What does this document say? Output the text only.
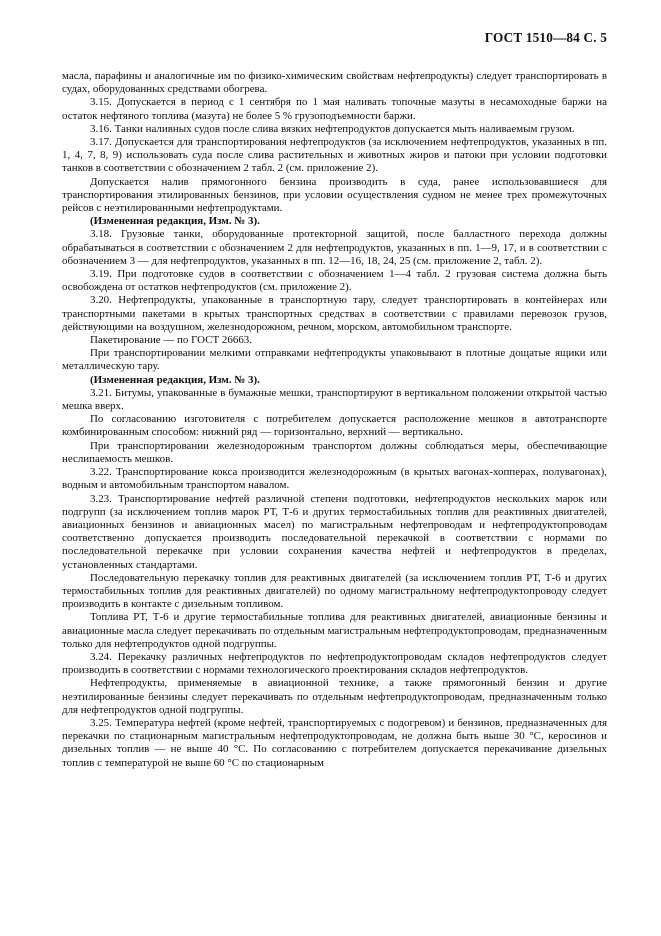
ГОСТ 1510—84 С. 5

масла, парафины и аналогичные им по физико-химическим свойствам нефтепродукты) следует транспортировать в судах, оборудованных средствами обогрева.

3.15. Допускается в период с 1 сентября по 1 мая наливать топочные мазуты в несамоходные баржи на остаток нефтяного топлива (мазута) не более 5 % грузоподъемности баржи.

3.16. Танки наливных судов после слива вязких нефтепродуктов допускается мыть наливаемым грузом.

3.17. Допускается для транспортирования нефтепродуктов (за исключением нефтепродуктов, указанных в пп. 1, 4, 7, 8, 9) использовать суда после слива растительных и животных жиров и патоки при условии подготовки танков в соответствии с обозначением 2 табл. 2 (см. приложение 2).

Допускается налив прямогонного бензина производить в суда, ранее использовавшиеся для транспортирования этилированных бензинов, при условии осуществления судном не менее трех промежуточных рейсов с неэтилированными нефтепродуктами.

(Измененная редакция, Изм. № 3).

3.18. Грузовые танки, оборудованные протекторной защитой, после балластного перехода должны обрабатываться в соответствии с обозначением 2 для нефтепродуктов, указанных в пп. 1—9, 17, и в соответствии с обозначением 3 — для нефтепродуктов, указанных в пп. 12—16, 18, 24, 25 (см. приложение 2, табл. 2).

3.19. При подготовке судов в соответствии с обозначением 1—4 табл. 2 грузовая система должна быть освобождена от остатков нефтепродуктов (см. приложение 2).

3.20. Нефтепродукты, упакованные в транспортную тару, следует транспортировать в контейнерах или транспортными пакетами в крытых транспортных средствах в соответствии с правилами перевозок грузов, действующими на воздушном, железнодорожном, речном, морском, автомобильном транспорте.

Пакетирование — по ГОСТ 26663.

При транспортировании мелкими отправками нефтепродукты упаковывают в плотные дощатые ящики или металлическую тару.

(Измененная редакция, Изм. № 3).

3.21. Битумы, упакованные в бумажные мешки, транспортируют в вертикальном положении открытой частью мешка вверх.

По согласованию изготовителя с потребителем допускается расположение мешков в автотранспорте комбинированным способом: нижний ряд — горизонтально, верхний — вертикально.

При транспортировании железнодорожным транспортом должны соблюдаться меры, обеспечивающие неслипаемость мешков.

3.22. Транспортирование кокса производится железнодорожным (в крытых вагонах-хопперах, полувагонах), водным и автомобильным транспортом навалом.

3.23. Транспортирование нефтей различной степени подготовки, нефтепродуктов нескольких марок или подгрупп (за исключением топлив марок РТ, Т-6 и других термостабильных топлив для реактивных двигателей, авиационных бензинов и авиационных масел) по магистральным нефтепроводам и нефтепродуктопроводам соответственно допускается производить последовательной перекачкой в соответствии с нормами по последовательной перекачке при условии сохранения качества нефтей и нефтепродуктов в пределах, установленных стандартами.

Последовательную перекачку топлив для реактивных двигателей (за исключением топлив РТ, Т-6 и других термостабильных топлив для реактивных двигателей) по одному магистральному нефтепродуктопроводу следует производить в контакте с дизельным топливом.

Топлива РТ, Т-6 и другие термостабильные топлива для реактивных двигателей, авиационные бензины и авиационные масла следует перекачивать по отдельным магистральным нефтепродуктопроводам, предназначенным только для нефтепродуктов одной подгруппы.

3.24. Перекачку различных нефтепродуктов по нефтепродуктопроводам складов нефтепродуктов следует производить в соответствии с нормами технологического проектирования складов нефтепродуктов.

Нефтепродукты, применяемые в авиационной технике, а также прямогонный бензин и другие неэтилированные бензины следует перекачивать по отдельным нефтепродуктопроводам, предназначенным только для нефтепродуктов одной подгруппы.

3.25. Температура нефтей (кроме нефтей, транспортируемых с подогревом) и бензинов, предназначенных для перекачки по стационарным магистральным нефтепродуктопроводам, не должна быть выше 30 °С, керосинов и дизельных топлив — не выше 40 °С. По согласованию с потребителем допускается перекачивание дизельных топлив с температурой не выше 60 °С по стационарным
